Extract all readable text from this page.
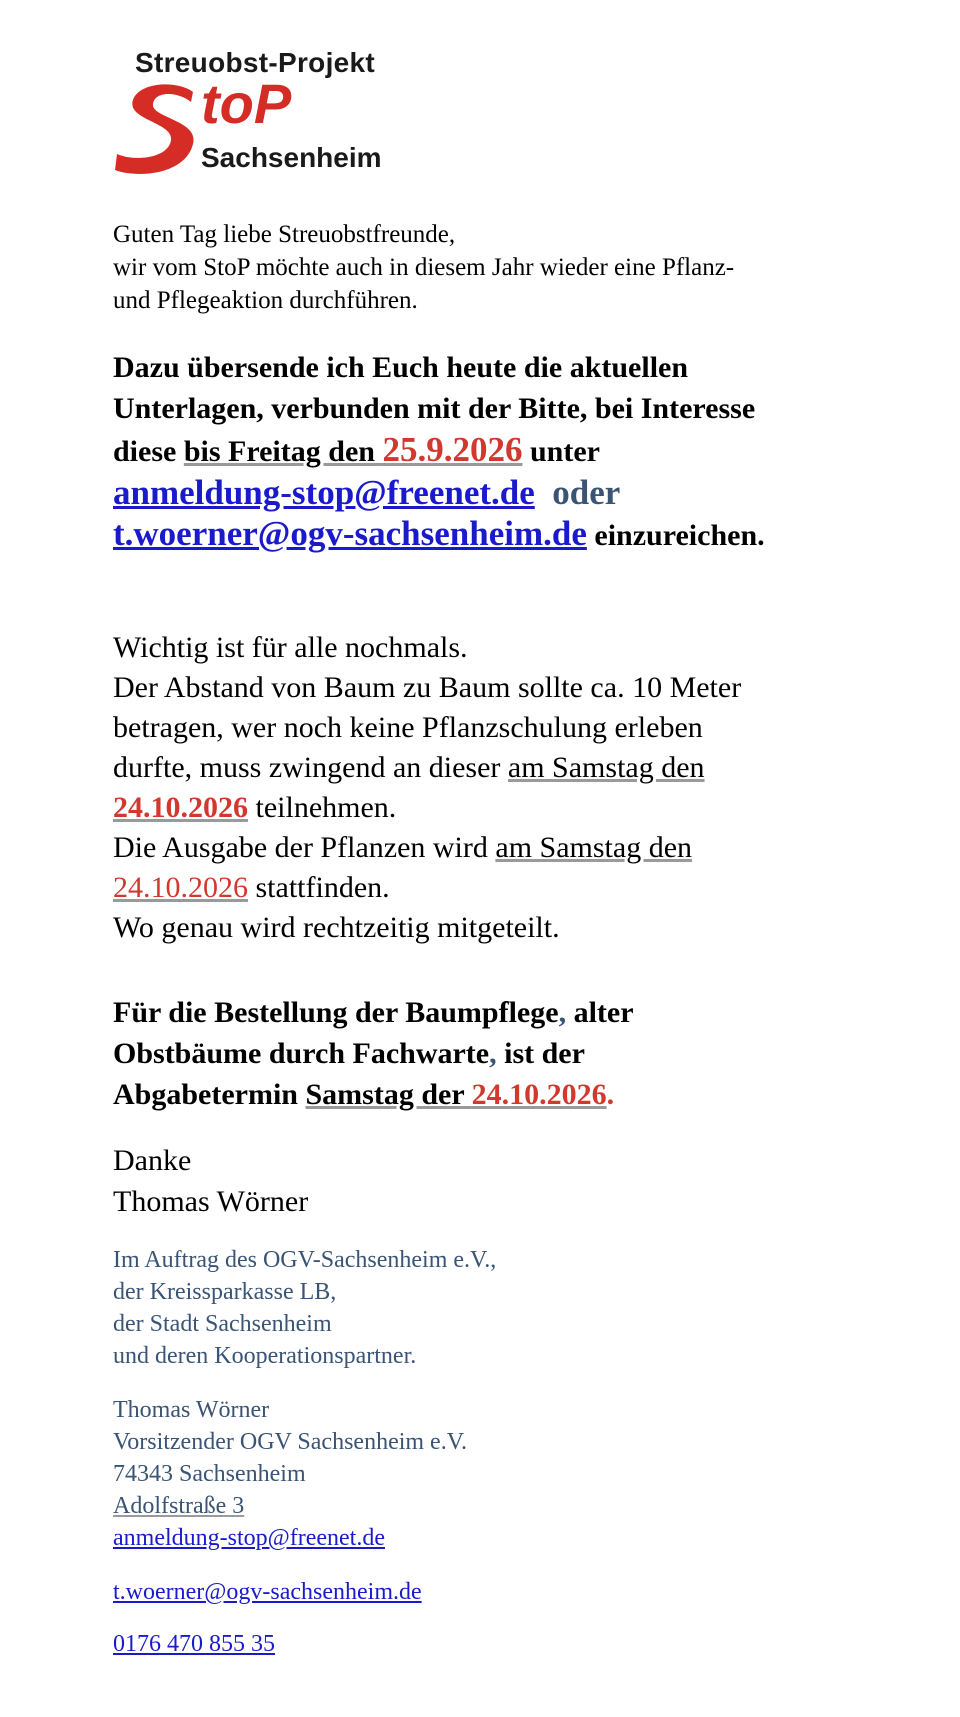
Streuobst-Projekt
toP
Sachsenheim
Guten Tag liebe Streuobstfreunde,
wir vom StoP möchte auch in diesem Jahr wieder eine Pflanz-
und Pflegeaktion durchführen.
Dazu übersende ich Euch heute die aktuellen
Unterlagen, verbunden mit der Bitte, bei Interesse
diese bis Freitag den 25.9.2026 unter
anmeldung-stop@freenet.de oder
t.woerner@ogv-sachsenheim.de einzureichen.
Wichtig ist für alle nochmals.
Der Abstand von Baum zu Baum sollte ca. 10 Meter
betragen, wer noch keine Pflanzschulung erleben
durfte, muss zwingend an dieser am Samstag den
24.10.2026 teilnehmen.
Die Ausgabe der Pflanzen wird am Samstag den
24.10.2026 stattfinden.
Wo genau wird rechtzeitig mitgeteilt.
Für die Bestellung der Baumpflege, alter
Obstbäume durch Fachwarte, ist der
Abgabetermin Samstag der 24.10.2026.
Danke
Thomas Wörner
Im Auftrag des OGV-Sachsenheim e.V.,
der Kreissparkasse LB,
der Stadt Sachsenheim
und deren Kooperationspartner.
Thomas Wörner
Vorsitzender OGV Sachsenheim e.V.
74343 Sachsenheim
Adolfstraße 3
anmeldung-stop@freenet.de
t.woerner@ogv-sachsenheim.de
0176 470 855 35
